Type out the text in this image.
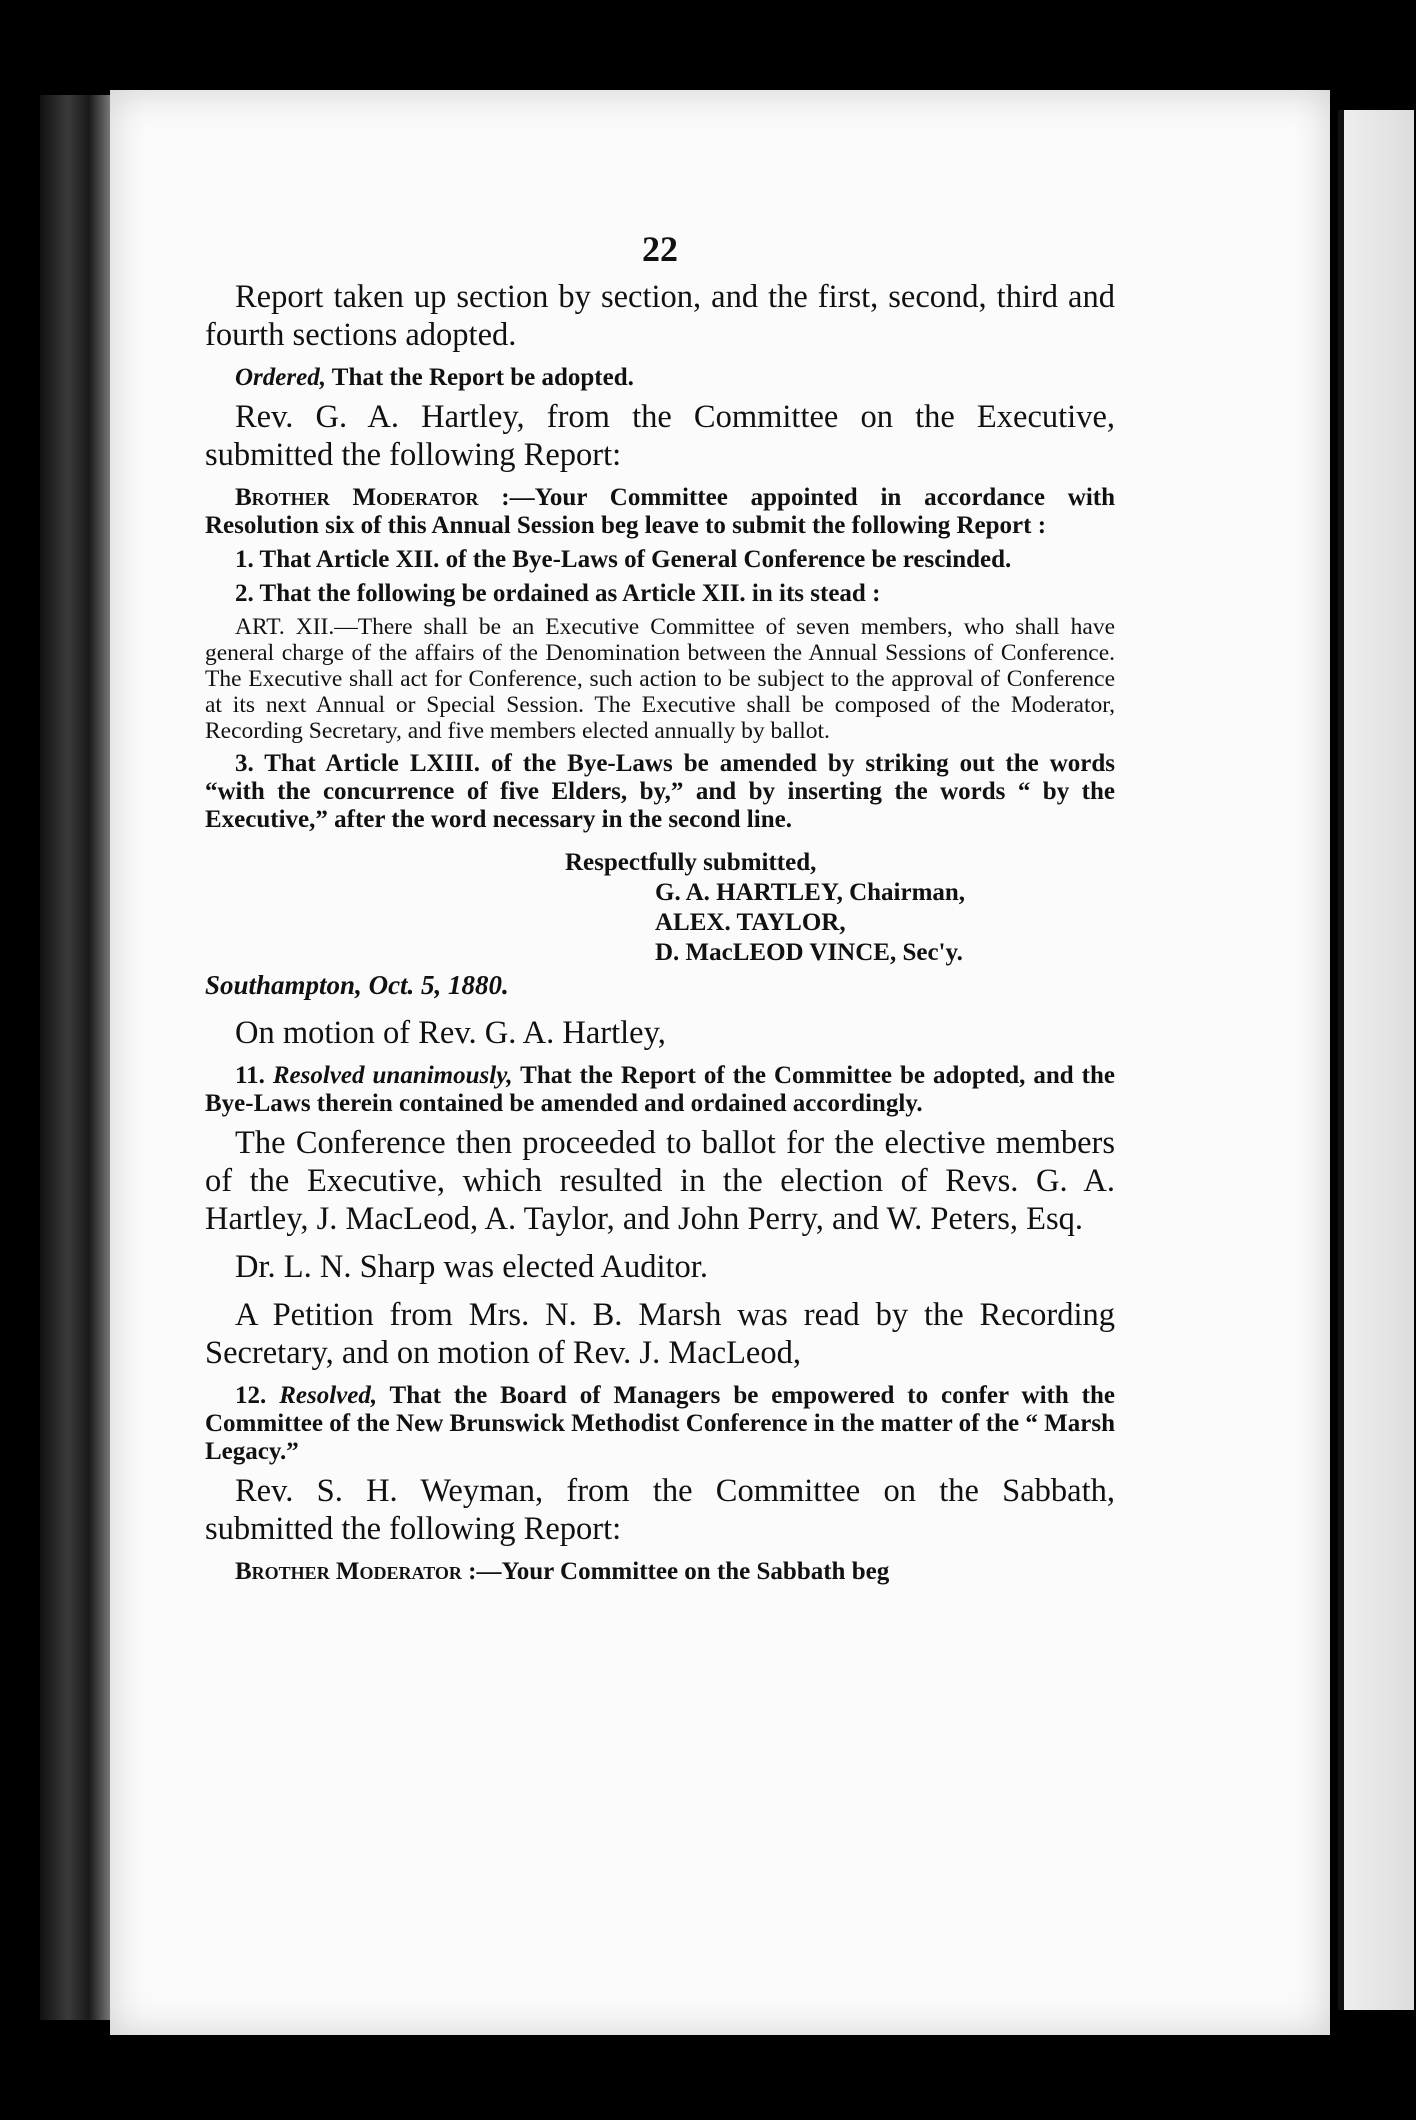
22

Report taken up section by section, and the first, second, third and fourth sections adopted.

Ordered, That the Report be adopted.

Rev. G. A. Hartley, from the Committee on the Executive, submitted the following Report:

Brother Moderator :—Your Committee appointed in accordance with Resolution six of this Annual Session beg leave to submit the following Report :

1. That Article XII. of the Bye-Laws of General Conference be rescinded.

2. That the following be ordained as Article XII. in its stead :

ART. XII.—There shall be an Executive Committee of seven members, who shall have general charge of the affairs of the Denomination between the Annual Sessions of Conference. The Executive shall act for Conference, such action to be subject to the approval of Conference at its next Annual or Special Session. The Executive shall be composed of the Moderator, Recording Secretary, and five members elected annually by ballot.

3. That Article LXIII. of the Bye-Laws be amended by striking out the words “with the concurrence of five Elders, by,” and by inserting the words “ by the Executive,” after the word necessary in the second line.

Respectfully submitted,
G. A. HARTLEY, Chairman,
ALEX. TAYLOR,
D. MacLEOD VINCE, Sec'y.
Southampton, Oct. 5, 1880.

On motion of Rev. G. A. Hartley,

11. Resolved unanimously, That the Report of the Committee be adopted, and the Bye-Laws therein contained be amended and ordained accordingly.

The Conference then proceeded to ballot for the elective members of the Executive, which resulted in the election of Revs. G. A. Hartley, J. MacLeod, A. Taylor, and John Perry, and W. Peters, Esq.

Dr. L. N. Sharp was elected Auditor.

A Petition from Mrs. N. B. Marsh was read by the Recording Secretary, and on motion of Rev. J. MacLeod,

12. Resolved, That the Board of Managers be empowered to confer with the Committee of the New Brunswick Methodist Conference in the matter of the “ Marsh Legacy.”

Rev. S. H. Weyman, from the Committee on the Sabbath, submitted the following Report:

Brother Moderator :—Your Committee on the Sabbath beg
